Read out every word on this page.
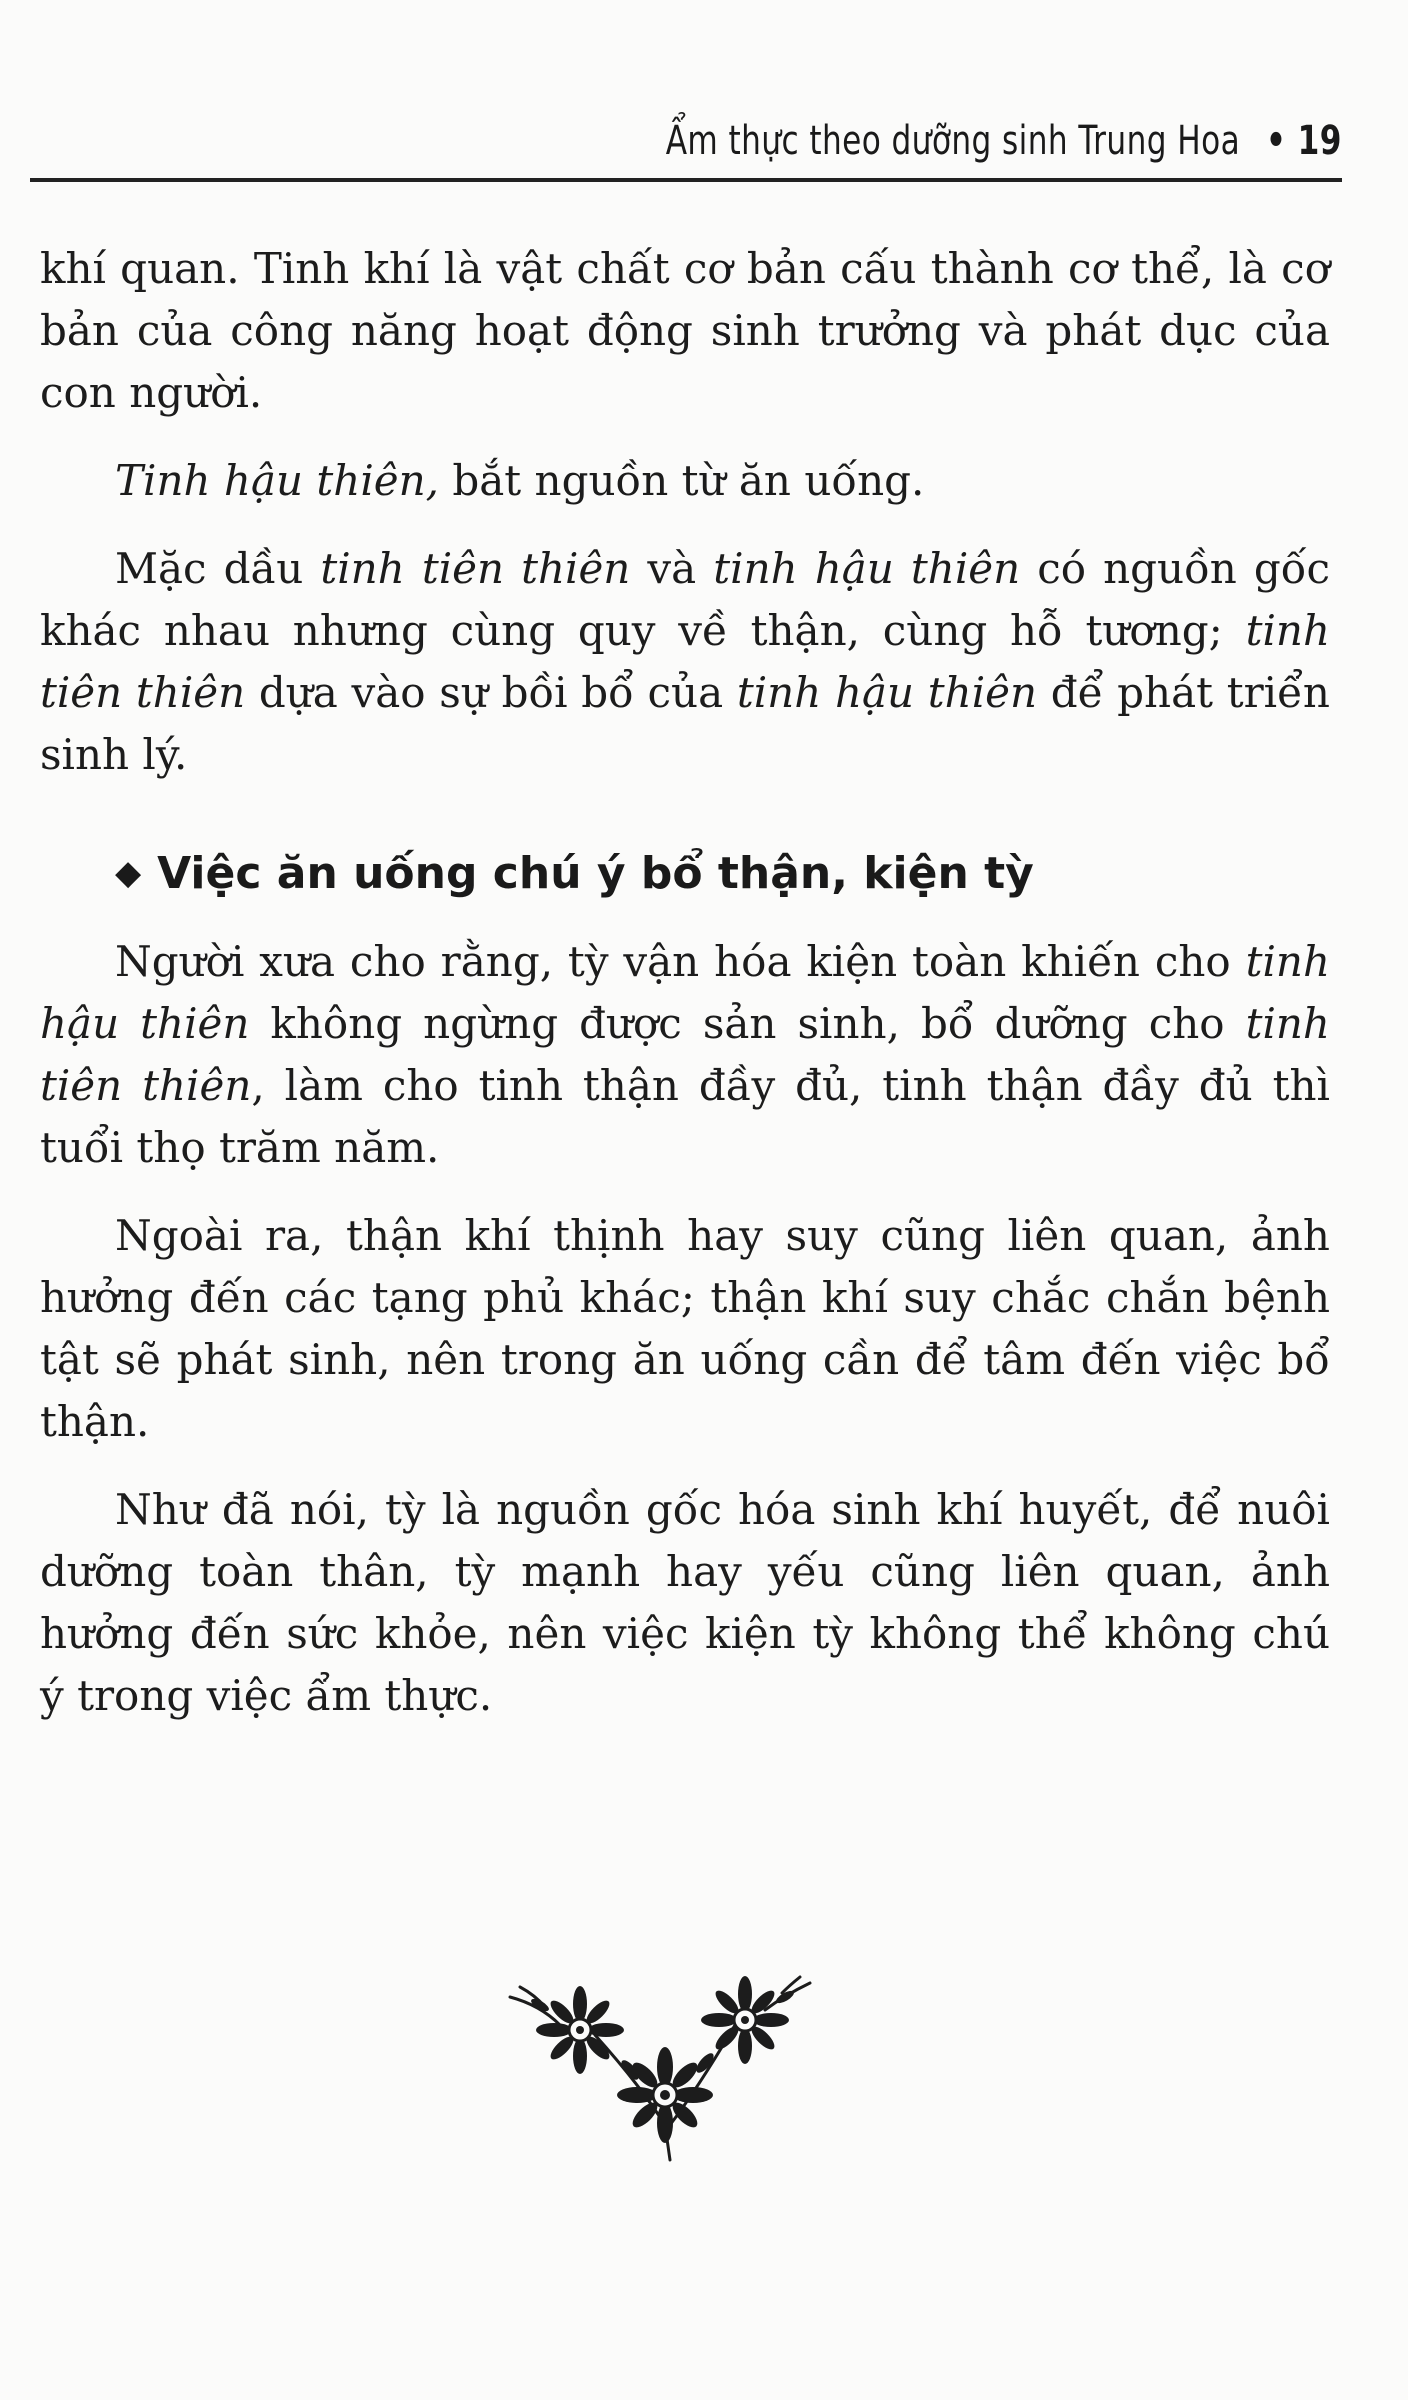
Ẩm thực theo dưỡng sinh Trung Hoa • 19

khí quan. Tinh khí là vật chất cơ bản cấu thành cơ thể, là cơ bản của công năng hoạt động sinh trưởng và phát dục của con người.

Tinh hậu thiên, bắt nguồn từ ăn uống.

Mặc dầu tinh tiên thiên và tinh hậu thiên có nguồn gốc khác nhau nhưng cùng quy về thận, cùng hỗ tương; tinh tiên thiên dựa vào sự bồi bổ của tinh hậu thiên để phát triển sinh lý.

◆ Việc ăn uống chú ý bổ thận, kiện tỳ

Người xưa cho rằng, tỳ vận hóa kiện toàn khiến cho tinh hậu thiên không ngừng được sản sinh, bổ dưỡng cho tinh tiên thiên, làm cho tinh thận đầy đủ, tinh thận đầy đủ thì tuổi thọ trăm năm.

Ngoài ra, thận khí thịnh hay suy cũng liên quan, ảnh hưởng đến các tạng phủ khác; thận khí suy chắc chắn bệnh tật sẽ phát sinh, nên trong ăn uống cần để tâm đến việc bổ thận.

Như đã nói, tỳ là nguồn gốc hóa sinh khí huyết, để nuôi dưỡng toàn thân, tỳ mạnh hay yếu cũng liên quan, ảnh hưởng đến sức khỏe, nên việc kiện tỳ không thể không chú ý trong việc ẩm thực.
